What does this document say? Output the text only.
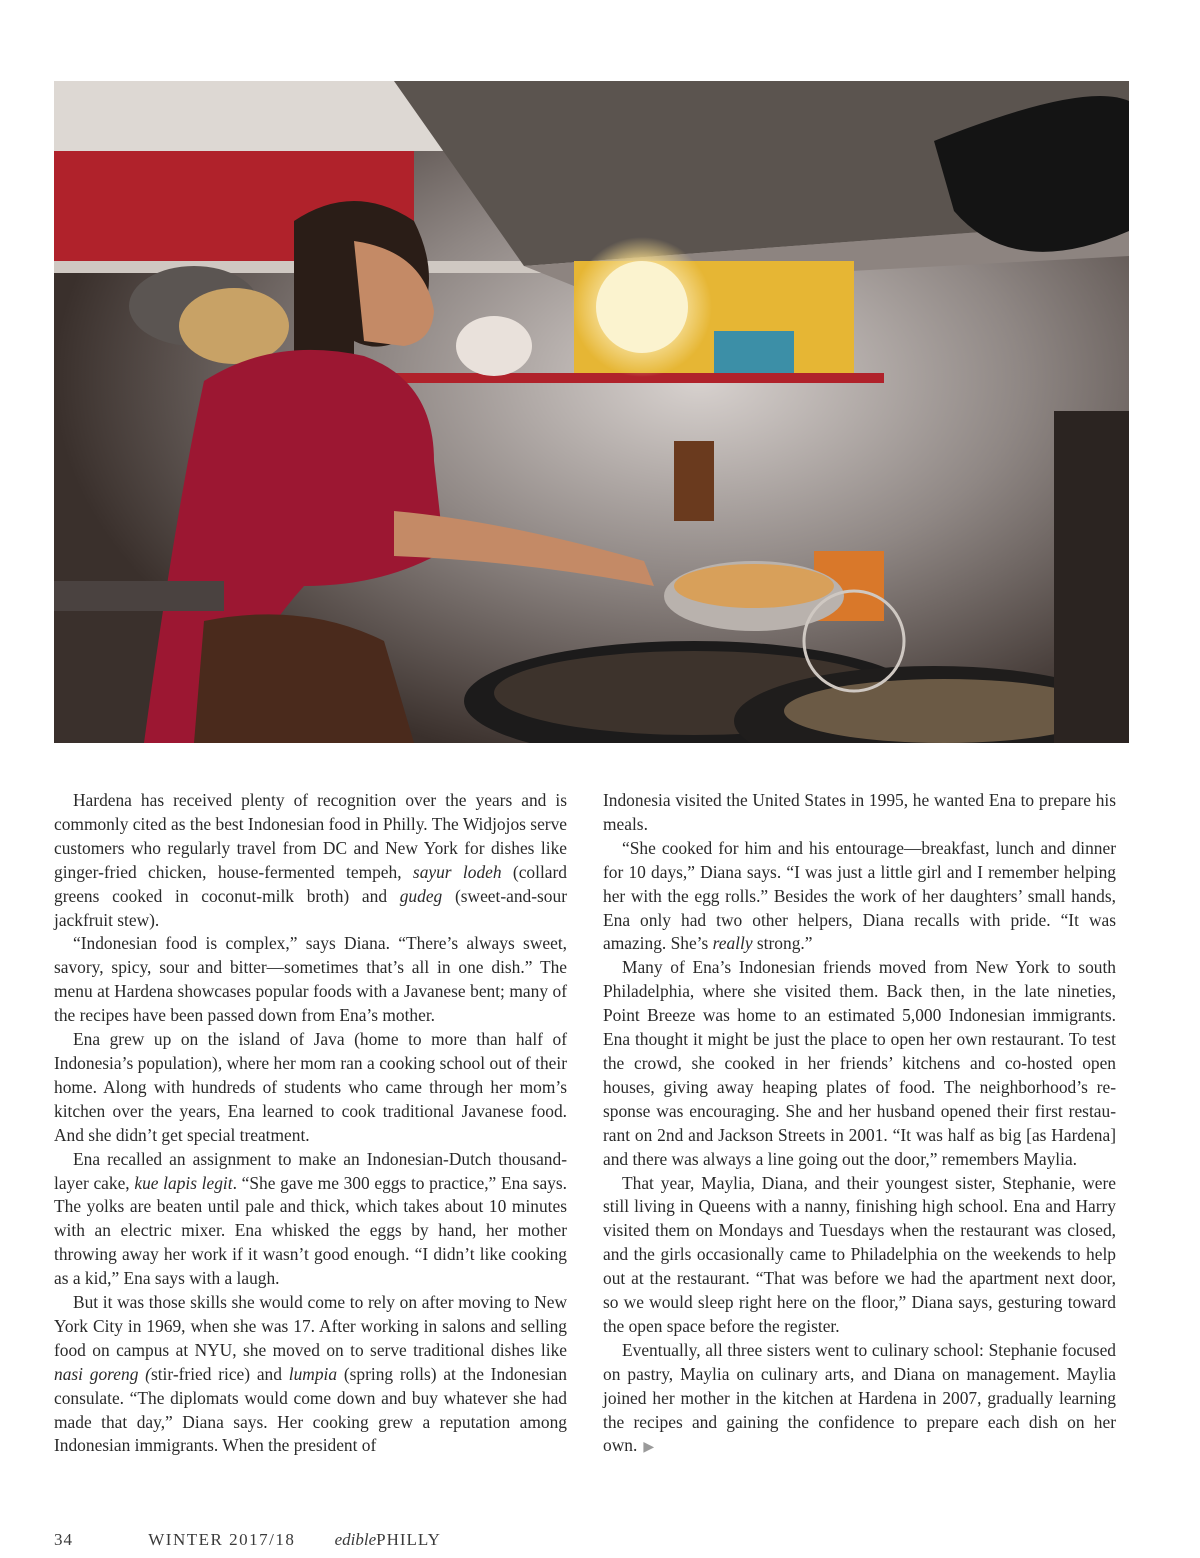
Hardena has received plenty of recognition over the years and is commonly cited as the best Indonesian food in Philly. The Widjojos serve customers who regularly travel from DC and New York for dishes like ginger-fried chicken, house-fermented tempeh, sayur lodeh (collard greens cooked in coconut-milk broth) and gudeg (sweet-and-sour jackfruit stew).

“Indonesian food is complex,” says Diana. “There’s always sweet, savory, spicy, sour and bitter—sometimes that’s all in one dish.” The menu at Hardena showcases popular foods with a Javanese bent; many of the recipes have been passed down from Ena’s mother.

Ena grew up on the island of Java (home to more than half of Indonesia’s population), where her mom ran a cooking school out of their home. Along with hundreds of students who came through her mom’s kitchen over the years, Ena learned to cook traditional Javanese food. And she didn’t get special treatment.

Ena recalled an assignment to make an Indonesian-Dutch thousand-layer cake, kue lapis legit. “She gave me 300 eggs to practice,” Ena says. The yolks are beaten until pale and thick, which takes about 10 minutes with an electric mixer. Ena whisked the eggs by hand, her mother throwing away her work if it wasn’t good enough. “I didn’t like cooking as a kid,” Ena says with a laugh.

But it was those skills she would come to rely on after moving to New York City in 1969, when she was 17. After working in salons and selling food on campus at NYU, she moved on to serve traditional dishes like nasi goreng (stir-fried rice) and lumpia (spring rolls) at the Indonesian consulate. “The diplomats would come down and buy whatever she had made that day,” Diana says. Her cooking grew a reputation among Indonesian immigrants. When the president of

Indonesia visited the United States in 1995, he wanted Ena to prepare his meals.

“She cooked for him and his entourage—breakfast, lunch and dinner for 10 days,” Diana says. “I was just a little girl and I remember helping her with the egg rolls.” Besides the work of her daughters’ small hands, Ena only had two other helpers, Diana recalls with pride. “It was amazing. She’s really strong.”

Many of Ena’s Indonesian friends moved from New York to south Philadelphia, where she visited them. Back then, in the late nineties, Point Breeze was home to an estimated 5,000 Indonesian immigrants. Ena thought it might be just the place to open her own restaurant. To test the crowd, she cooked in her friends’ kitchens and co-hosted open houses, giving away heaping plates of food. The neighborhood’s response was encouraging. She and her husband opened their first restaurant on 2nd and Jackson Streets in 2001. “It was half as big [as Hardena] and there was always a line going out the door,” remembers Maylia.

That year, Maylia, Diana, and their youngest sister, Stephanie, were still living in Queens with a nanny, finishing high school. Ena and Harry visited them on Mondays and Tuesdays when the restaurant was closed, and the girls occasionally came to Philadelphia on the weekends to help out at the restaurant. “That was before we had the apartment next door, so we would sleep right here on the floor,” Diana says, gesturing toward the open space before the register.

Eventually, all three sisters went to culinary school: Stephanie focused on pastry, Maylia on culinary arts, and Diana on management. Maylia joined her mother in the kitchen at Hardena in 2007, gradually learning the recipes and gaining the confidence to prepare each dish on her own. ▶

34	WINTER 2017/18 ediblePHILLY
